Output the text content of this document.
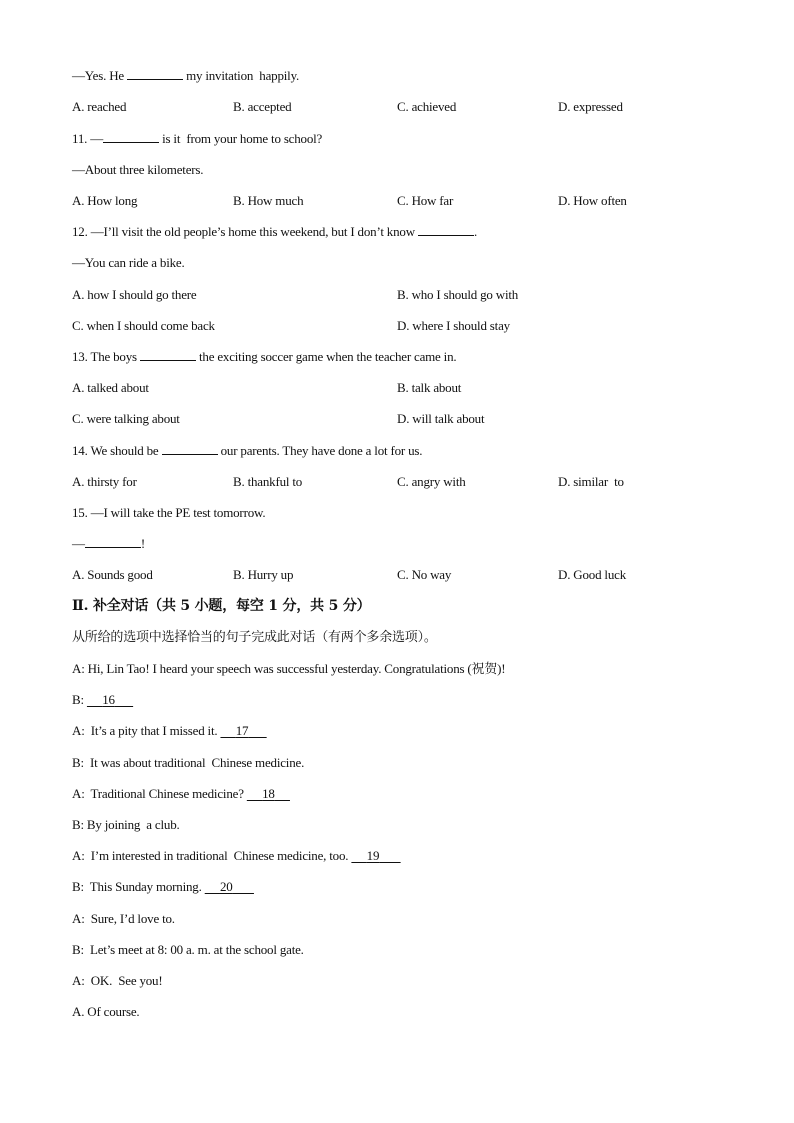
—Yes. He	my invitation  happily.
A. reached	B. accepted	C. achieved	D. expressed
11. —	is it  from your home to school?
—About three kilometers.
A. How long	B. How much	C. How far	D. How often
12. —I’ll visit the old people’s home this weekend, but I don’t know	.
—You can ride a bike.
A. how I should go there	B. who I should go with
C. when I should come back	D. where I should stay
13. The boys	the exciting soccer game when the teacher came in.
A. talked about	B. talk about
C. were talking about	D. will talk about
14. We should be	our parents. They have done a lot for us.
A. thirsty for	B. thankful to	C. angry with	D. similar  to
15. —I will take the PE test tomorrow.
—	!
A. Sounds good	B. Hurry up	C. No way	D. Good luck
Ⅱ. 补全对话（共 5 小题，每空 1 分，共 5 分）
从所给的选项中选择恰当的句子完成此对话（有两个多余选项）。
A: Hi, Lin Tao! I heard your speech was successful yesterday. Congratulations (祝贺)!
B:      16
A:  It’s a pity that I missed it.      17
B:  It was about traditional  Chinese medicine.
A:  Traditional Chinese medicine?      18
B: By joining  a club.
A:  I’m interested in traditional  Chinese medicine, too.      19
B:  This Sunday morning.      20
A:  Sure, I’d love to.
B:  Let’s meet at 8: 00 a. m. at the school gate.
A:  OK.  See you!
A. Of course.
